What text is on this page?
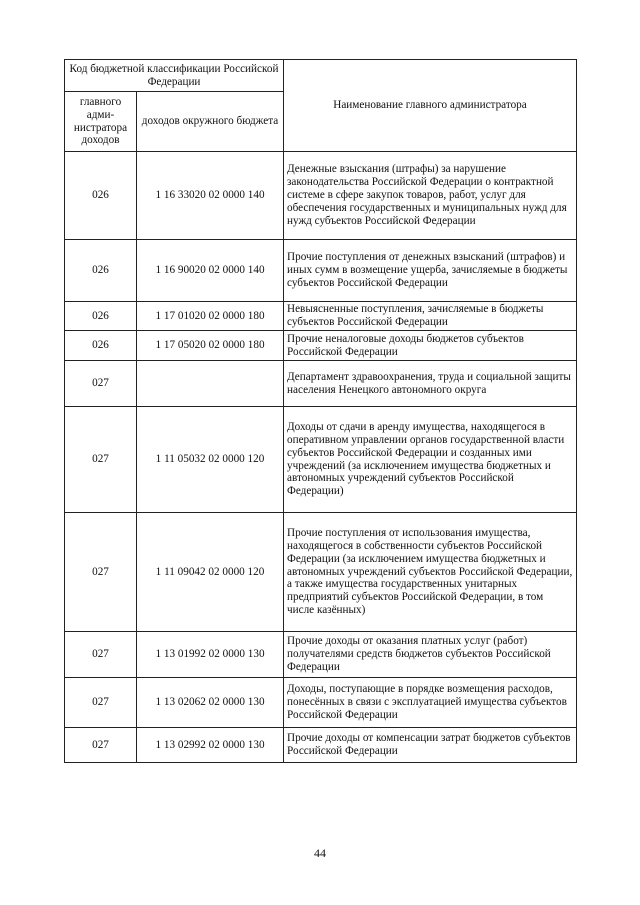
Код бюджетной классификации Российской Федерации		Наименование главного администратора
главного адми-нистратора доходов	доходов окружного бюджета	
026	1 16 33020 02 0000 140	Денежные взыскания (штрафы) за нарушение законодательства Российской Федерации о контрактной системе в сфере закупок товаров, работ, услуг для обеспечения государственных и муниципальных нужд для нужд субъектов Российской Федерации
026	1 16 90020 02 0000 140	Прочие поступления от денежных взысканий (штрафов) и иных сумм в возмещение ущерба, зачисляемые в бюджеты субъектов Российской Федерации
026	1 17 01020 02 0000 180	Невыясненные поступления, зачисляемые в бюджеты субъектов Российской Федерации
026	1 17 05020 02 0000 180	Прочие неналоговые доходы бюджетов субъектов Российской Федерации
027		Департамент здравоохранения, труда и социальной защиты населения Ненецкого автономного округа
027	1 11 05032 02 0000 120	Доходы от сдачи в аренду имущества, находящегося в оперативном управлении органов государственной власти субъектов Российской Федерации и созданных ими учреждений (за исключением имущества бюджетных и автономных учреждений субъектов Российской Федерации)
027	1 11 09042 02 0000 120	Прочие поступления от использования имущества, находящегося в собственности субъектов Российской Федерации (за исключением имущества бюджетных и автономных учреждений субъектов Российской Федерации, а также имущества государственных унитарных предприятий субъектов Российской Федерации, в том числе казённых)
027	1 13 01992 02 0000 130	Прочие доходы от оказания платных услуг (работ) получателями средств бюджетов субъектов Российской Федерации
027	1 13 02062 02 0000 130	Доходы, поступающие в порядке возмещения расходов, понесённых в связи с эксплуатацией имущества субъектов Российской Федерации
027	1 13 02992 02 0000 130	Прочие доходы от компенсации затрат бюджетов субъектов Российской Федерации
44
